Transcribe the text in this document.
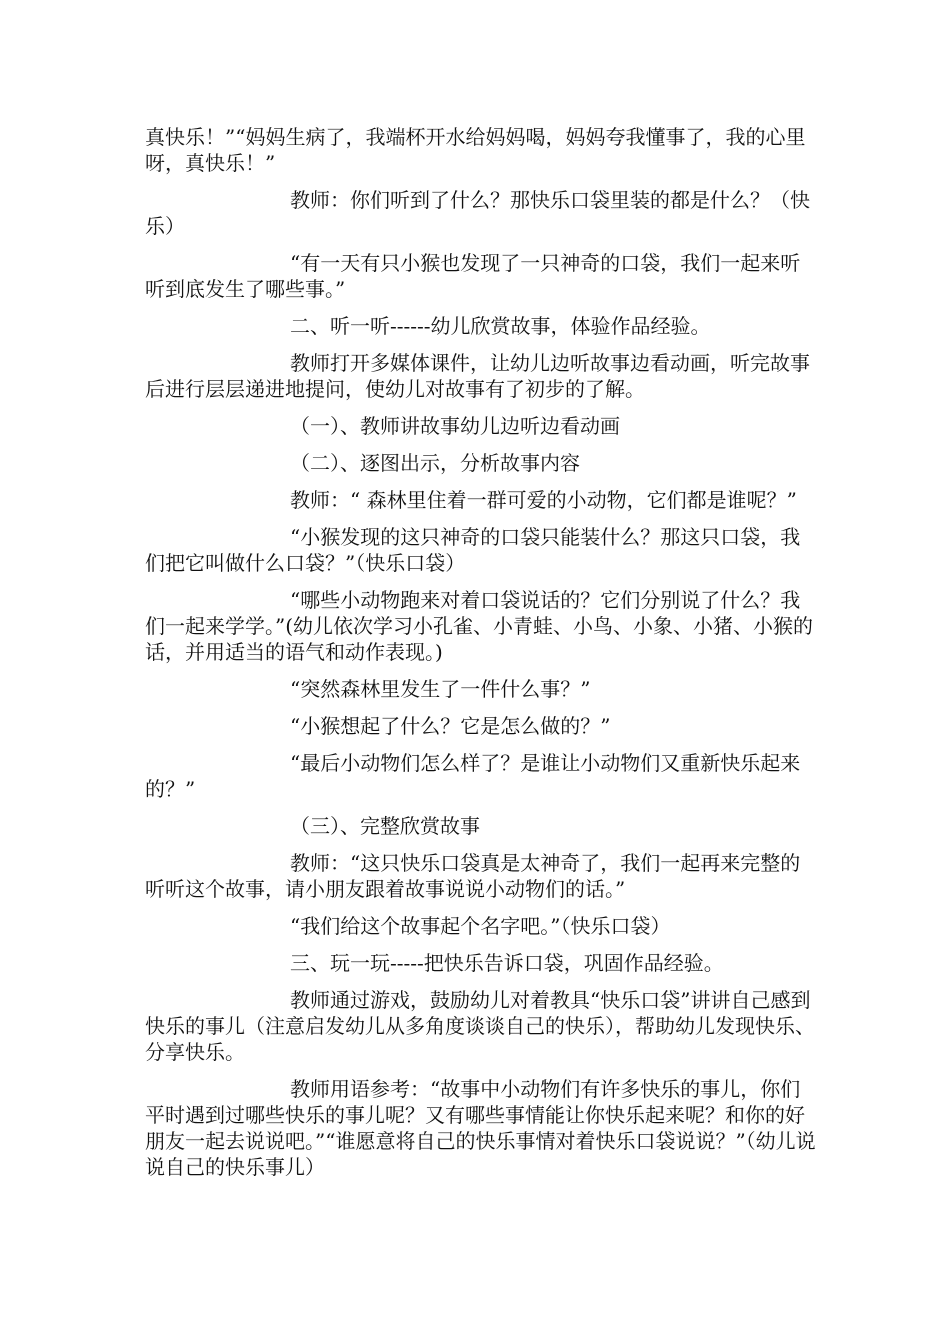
真快乐！”“妈妈生病了，我端杯开水给妈妈喝，妈妈夸我懂事了，我的心里呀，真快乐！”

教师：你们听到了什么？那快乐口袋里装的都是什么？（快乐）

“有一天有只小猴也发现了一只神奇的口袋，我们一起来听听到底发生了哪些事。”

二、听一听------幼儿欣赏故事，体验作品经验。

教师打开多媒体课件，让幼儿边听故事边看动画，听完故事后进行层层递进地提问，使幼儿对故事有了初步的了解。

（一）、教师讲故事幼儿边听边看动画

（二）、逐图出示，分析故事内容

教师：“ 森林里住着一群可爱的小动物，它们都是谁呢？”

“小猴发现的这只神奇的口袋只能装什么？那这只口袋，我们把它叫做什么口袋？”（快乐口袋）

“哪些小动物跑来对着口袋说话的？它们分别说了什么？我们一起来学学。”(幼儿依次学习小孔雀、小青蛙、小鸟、小象、小猪、小猴的话，并用适当的语气和动作表现。)

“突然森林里发生了一件什么事？”

“小猴想起了什么？它是怎么做的？”

“最后小动物们怎么样了？是谁让小动物们又重新快乐起来的？”

（三）、完整欣赏故事

教师：“这只快乐口袋真是太神奇了，我们一起再来完整的听听这个故事，请小朋友跟着故事说说小动物们的话。”

“我们给这个故事起个名字吧。”（快乐口袋）

三、玩一玩-----把快乐告诉口袋，巩固作品经验。

教师通过游戏，鼓励幼儿对着教具“快乐口袋”讲讲自己感到快乐的事儿（注意启发幼儿从多角度谈谈自己的快乐），帮助幼儿发现快乐、分享快乐。

教师用语参考：“故事中小动物们有许多快乐的事儿，你们平时遇到过哪些快乐的事儿呢？又有哪些事情能让你快乐起来呢？和你的好朋友一起去说说吧。”“谁愿意将自己的快乐事情对着快乐口袋说说？”（幼儿说说自己的快乐事儿）
